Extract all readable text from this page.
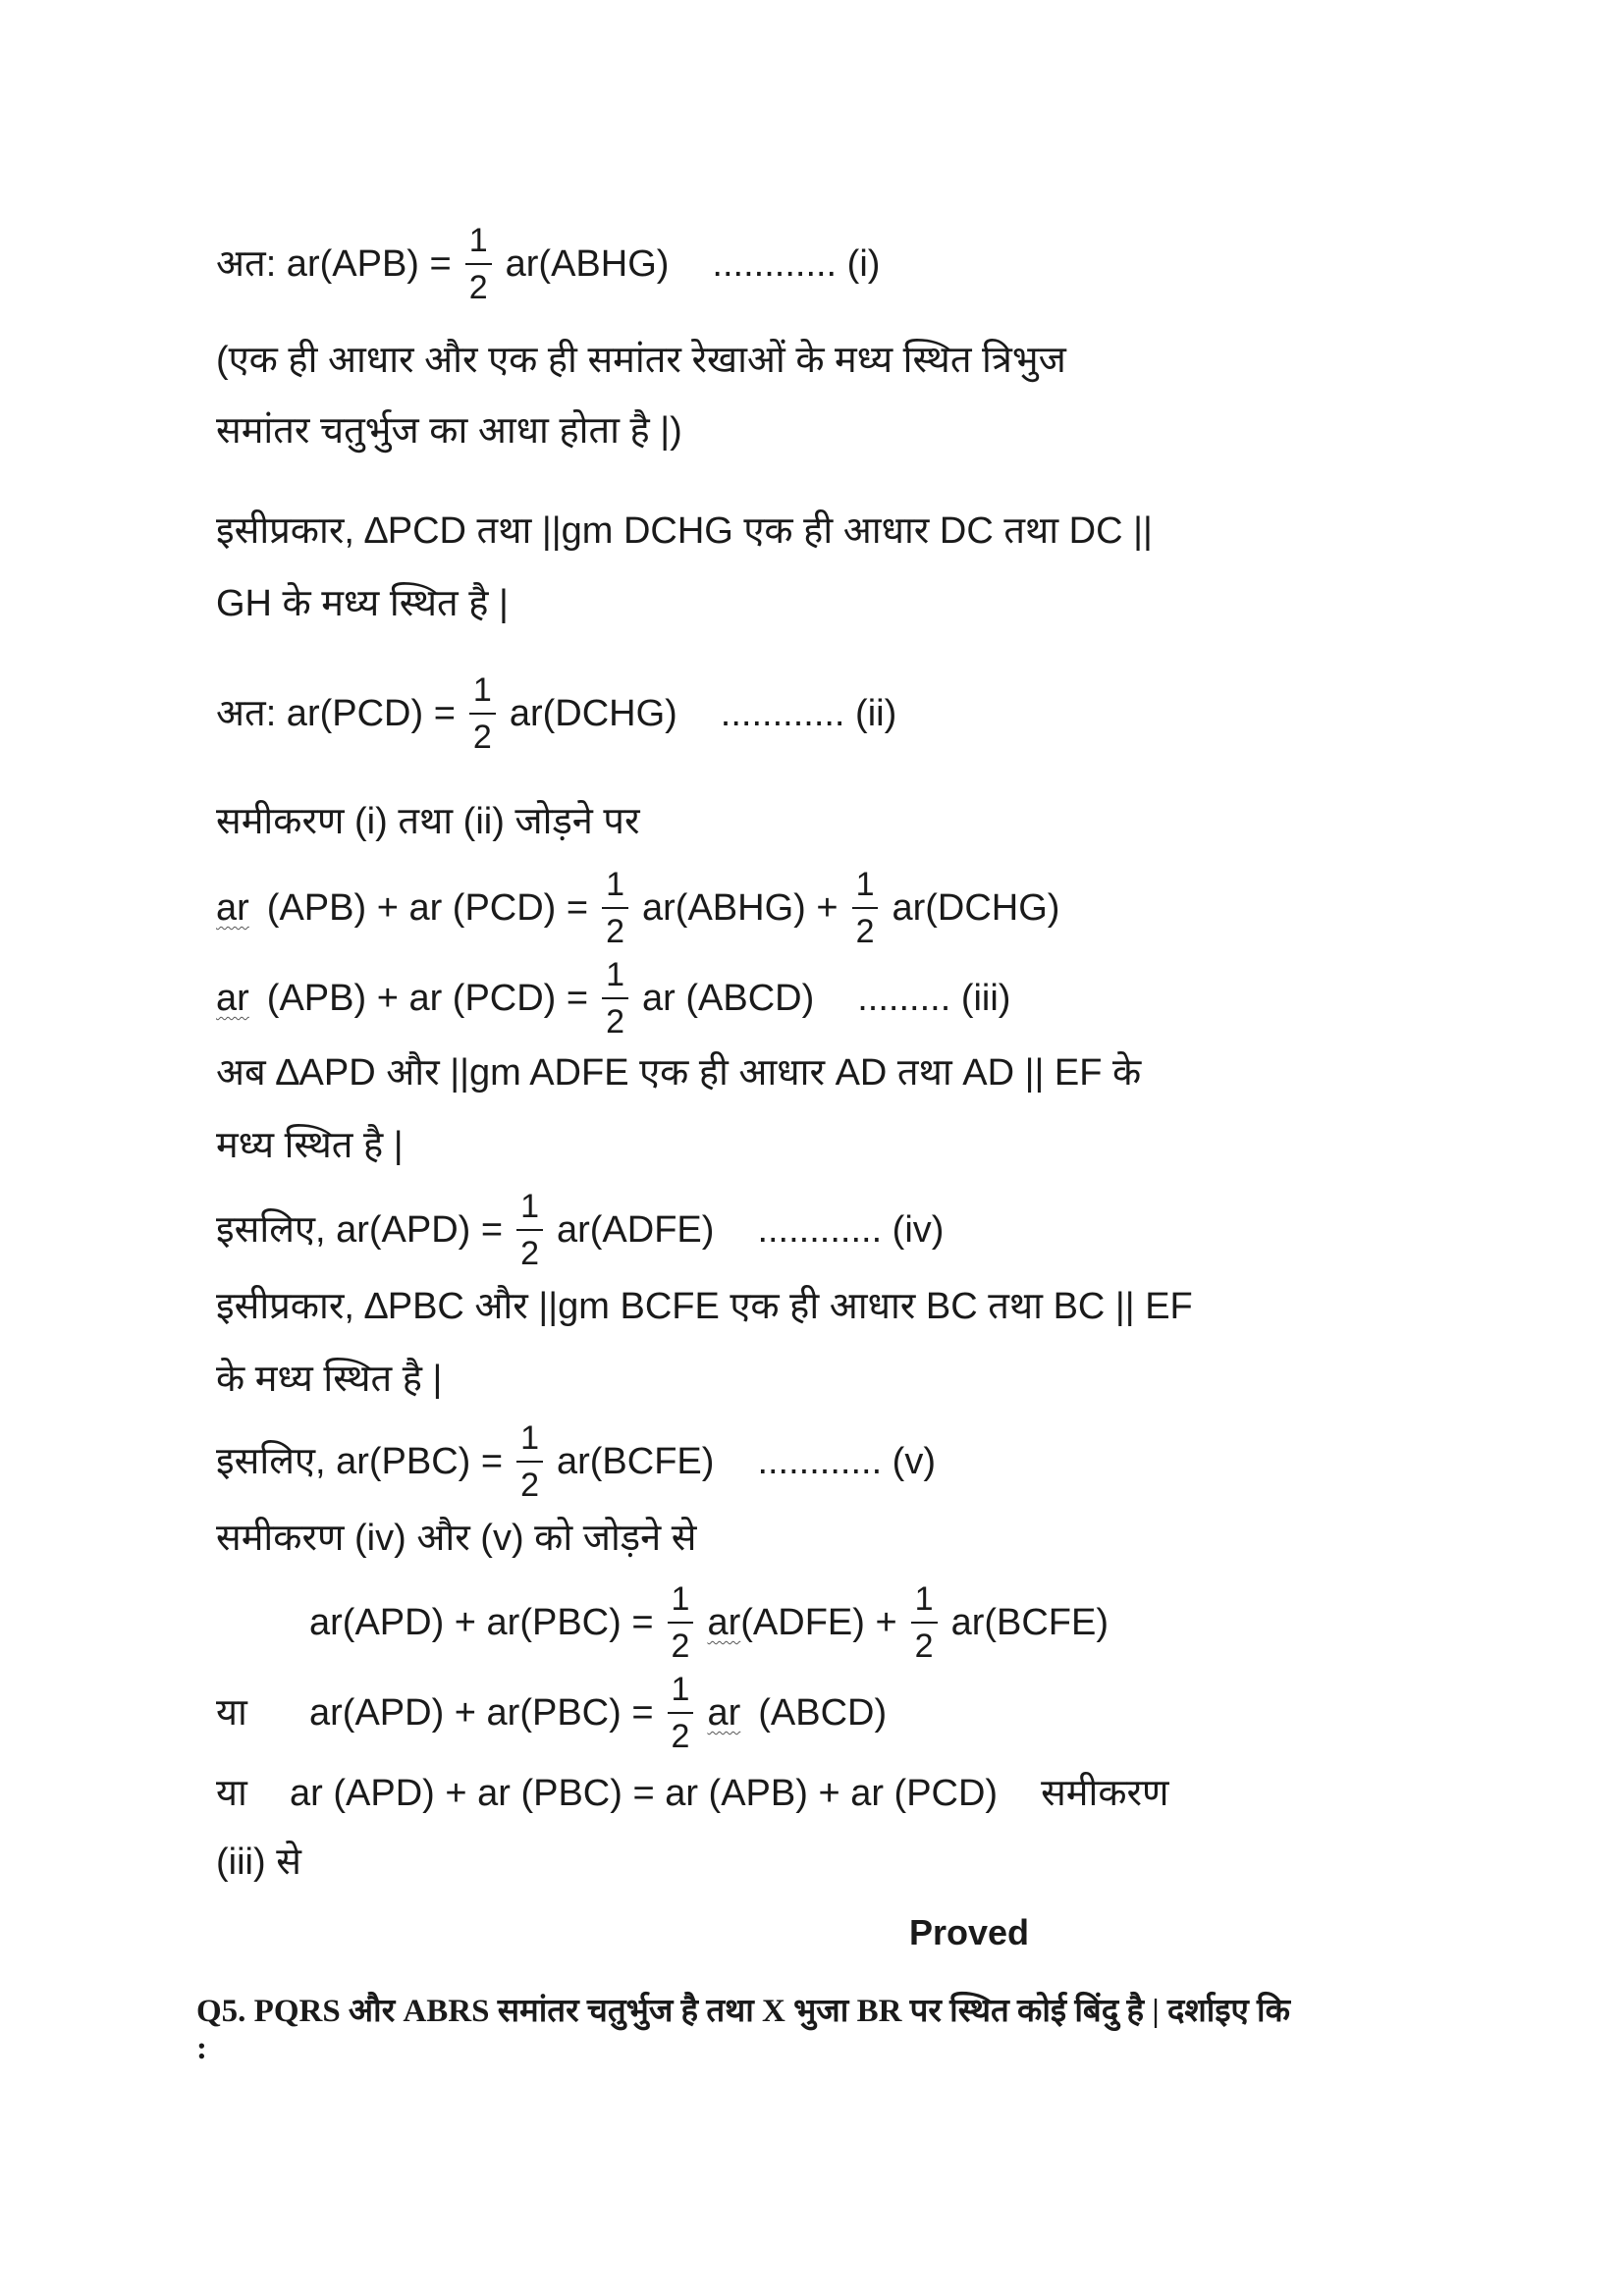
अत: $ar(APB) = \frac{1}{2}$ ar(ABHG) ............ (i)
(एक ही आधार और एक ही समांतर रेखाओं के मध्य स्थित त्रिभुज
समांतर चतुर्भुज का आधा होता है |)
इसीप्रकार, ∆PCD तथा ||gm DCHG एक ही आधार DC तथा DC ||
GH के मध्य स्थित है |
अत: $ar(PCD) = \frac{1}{2}$ ar(DCHG) ............ (ii)
समीकरण (i) तथा (ii) जोड़ने पर
ar (APB) + ar $(PCD) = \frac{1}{2}$ ar(ABHG) + $\frac{1}{2}$ ar(DCHG)
ar (APB) + ar $(PCD) = \frac{1}{2}$ ar (ABCD) ......... (iii)
अब ∆APD और ||gm ADFE एक ही आधार AD तथा AD || EF के
मध्य स्थित है |
इसलिए, $ar(APD) = \frac{1}{2}$ ar(ADFE) ............ (iv)
इसीप्रकार, ∆PBC और ||gm BCFE एक ही आधार BC तथा BC || EF
के मध्य स्थित है |
इसलिए, $ar(PBC) = \frac{1}{2}$ ar(BCFE) ............ (v)
समीकरण (iv) और (v) को जोड़ने से
$ar(APD) + ar(PBC) = \frac{1}{2}$ ar (ADFE) + $\frac{1}{2}$ ar(BCFE)
या	$ar(APD) + ar(PBC) = \frac{1}{2}$ ar (ABCD)
या	ar (APD) + ar (PBC) = ar (APB) + ar (PCD) समीकरण
(iii) से
Proved
Q5. PQRS और ABRS समांतर चतुर्भुज है तथा X भुजा BR पर स्थित कोई बिंदु है | दर्शाइए कि
:
